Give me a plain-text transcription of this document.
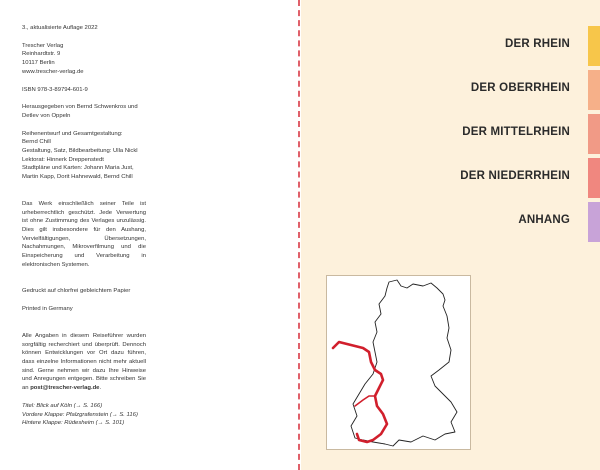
3., aktualisierte Auflage 2022
Trescher Verlag
Reinhardtstr. 9
10117 Berlin
www.trescher-verlag.de
ISBN 978-3-89794-601-9
Herausgegeben von Bernd Schwenkros und
Detlev von Oppeln
Reihenentwurf und Gesamtgestaltung:
Bernd Chill
Gestaltung, Satz, Bildbearbeitung: Ulla Nickl
Lektorat: Hinnerk Dreppenstedt
Stadtpläne und Karten: Johann Maria Just,
Martin Kapp, Dorit Hahnewald, Bernd Chill

Das Werk einschließlich seiner Teile ist urheberrechtlich geschützt. Jede Verwertung ist ohne Zustimmung des Verlages unzulässig. Dies gilt insbesondere für den Aushang, Vervielfältigungen, Übersetzungen, Nachahmungen, Mikroverfilmung und die Einspeicherung und Verarbeitung in elektronischen Systemen.

Gedruckt auf chlorfrei gebleichtem Papier
Printed in Germany

Alle Angaben in diesem Reiseführer wurden sorgfältig recherchiert und überprüft. Dennoch können Entwicklungen vor Ort dazu führen, dass einzelne Informationen nicht mehr aktuell sind. Gerne nehmen wir dazu Ihre Hinweise und Anregungen entgegen. Bitte schreiben Sie an post@trescher-verlag.de.

Titel: Blick auf Köln (→ S. 166)
Vordere Klappe: Pfalzgrafenstein (→ S. 116)
Hintere Klappe: Rüdesheim (→ S. 101)
DER RHEIN
DER OBERRHEIN
DER MITTELRHEIN
DER NIEDERRHEIN
ANHANG
